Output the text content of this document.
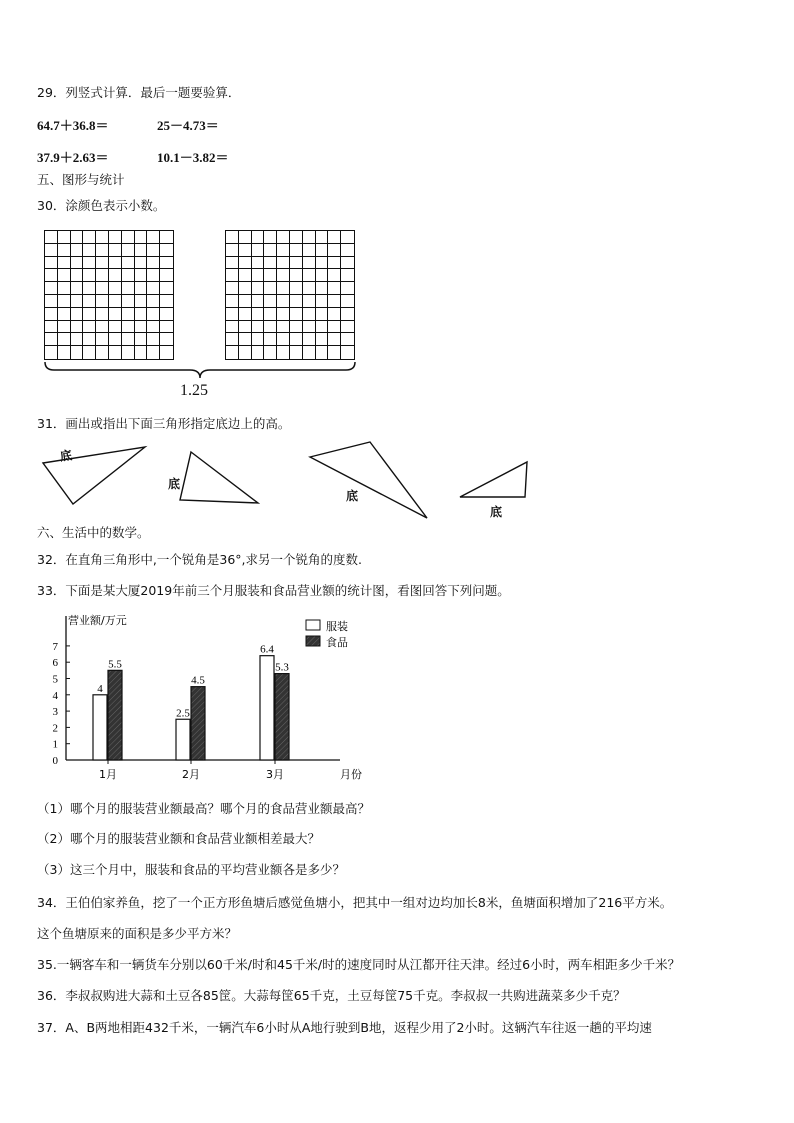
29．列竖式计算．最后一题要验算．
64.7＋36.8＝	25－4.73＝
37.9＋2.63＝	10.1－3.82＝
五、图形与统计
30．涂颜色表示小数。
1.25
31．画出或指出下面三角形指定底边上的高。
底
底
底
底
六、生活中的数学。
32．在直角三角形中,一个锐角是36°,求另一个锐角的度数.
33．下面是某大厦2019年前三个月服装和食品营业额的统计图，看图回答下列问题。
0
1
2
3
4
5
6
7
营业额/万元
月份
1月
4
5.5
2月
2.5
4.5
3月
6.4
5.3
服装
食品
（1）哪个月的服装营业额最高？哪个月的食品营业额最高？
（2）哪个月的服装营业额和食品营业额相差最大？
（3）这三个月中，服装和食品的平均营业额各是多少？
34．王伯伯家养鱼，挖了一个正方形鱼塘后感觉鱼塘小，把其中一组对边均加长8米，鱼塘面积增加了216平方米。
这个鱼塘原来的面积是多少平方米？
35.一辆客车和一辆货车分别以60千米/时和45千米/时的速度同时从江都开往天津。经过6小时，两车相距多少千米？
36．李叔叔购进大蒜和土豆各85筐。大蒜每筐65千克，土豆每筐75千克。李叔叔一共购进蔬菜多少千克？
37．A、B两地相距432千米，一辆汽车6小时从A地行驶到B地，返程少用了2小时。这辆汽车往返一趟的平均速
